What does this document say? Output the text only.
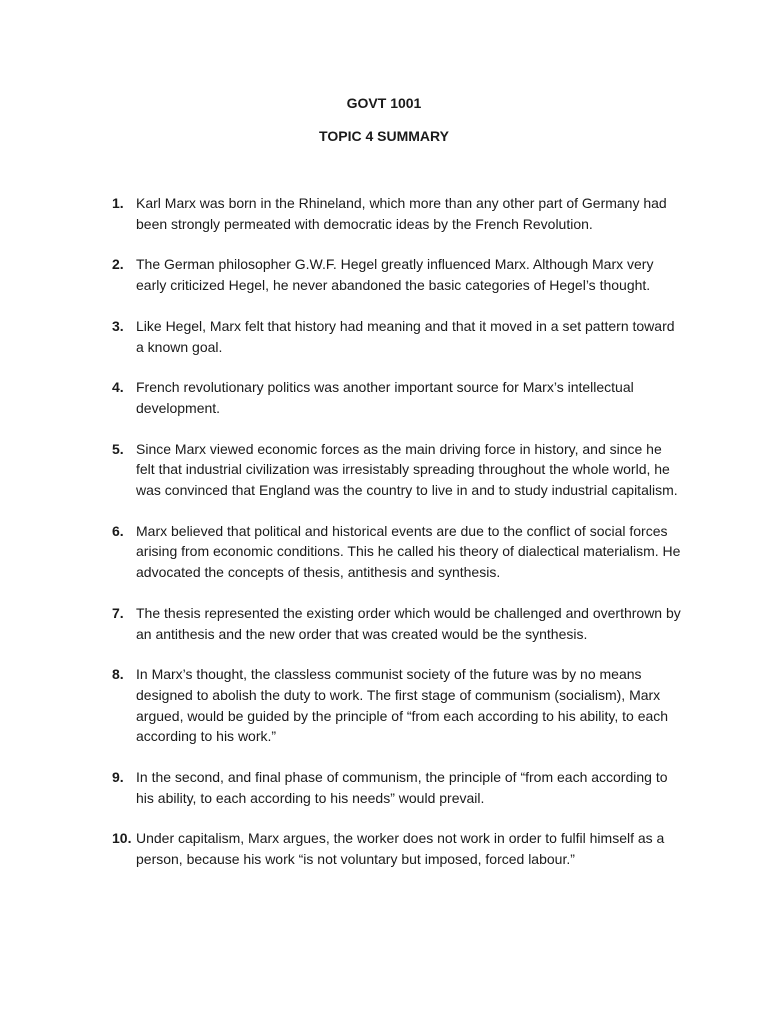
GOVT 1001
TOPIC 4 SUMMARY
1. Karl Marx was born in the Rhineland, which more than any other part of Germany had been strongly permeated with democratic ideas by the French Revolution.
2. The German philosopher G.W.F. Hegel greatly influenced Marx. Although Marx very early criticized Hegel, he never abandoned the basic categories of Hegel’s thought.
3. Like Hegel, Marx felt that history had meaning and that it moved in a set pattern toward a known goal.
4. French revolutionary politics was another important source for Marx’s intellectual development.
5. Since Marx viewed economic forces as the main driving force in history, and since he felt that industrial civilization was irresistably spreading throughout the whole world, he was convinced that England was the country to live in and to study industrial capitalism.
6. Marx believed that political and historical events are due to the conflict of social forces arising from economic conditions. This he called his theory of dialectical materialism. He advocated the concepts of thesis, antithesis and synthesis.
7. The thesis represented the existing order which would be challenged and overthrown by an antithesis and the new order that was created would be the synthesis.
8. In Marx’s thought, the classless communist society of the future was by no means designed to abolish the duty to work. The first stage of communism (socialism), Marx argued, would be guided by the principle of “from each according to his ability, to each according to his work.”
9. In the second, and final phase of communism, the principle of “from each according to his ability, to each according to his needs” would prevail.
10. Under capitalism, Marx argues, the worker does not work in order to fulfil himself as a person, because his work “is not voluntary but imposed, forced labour.”
